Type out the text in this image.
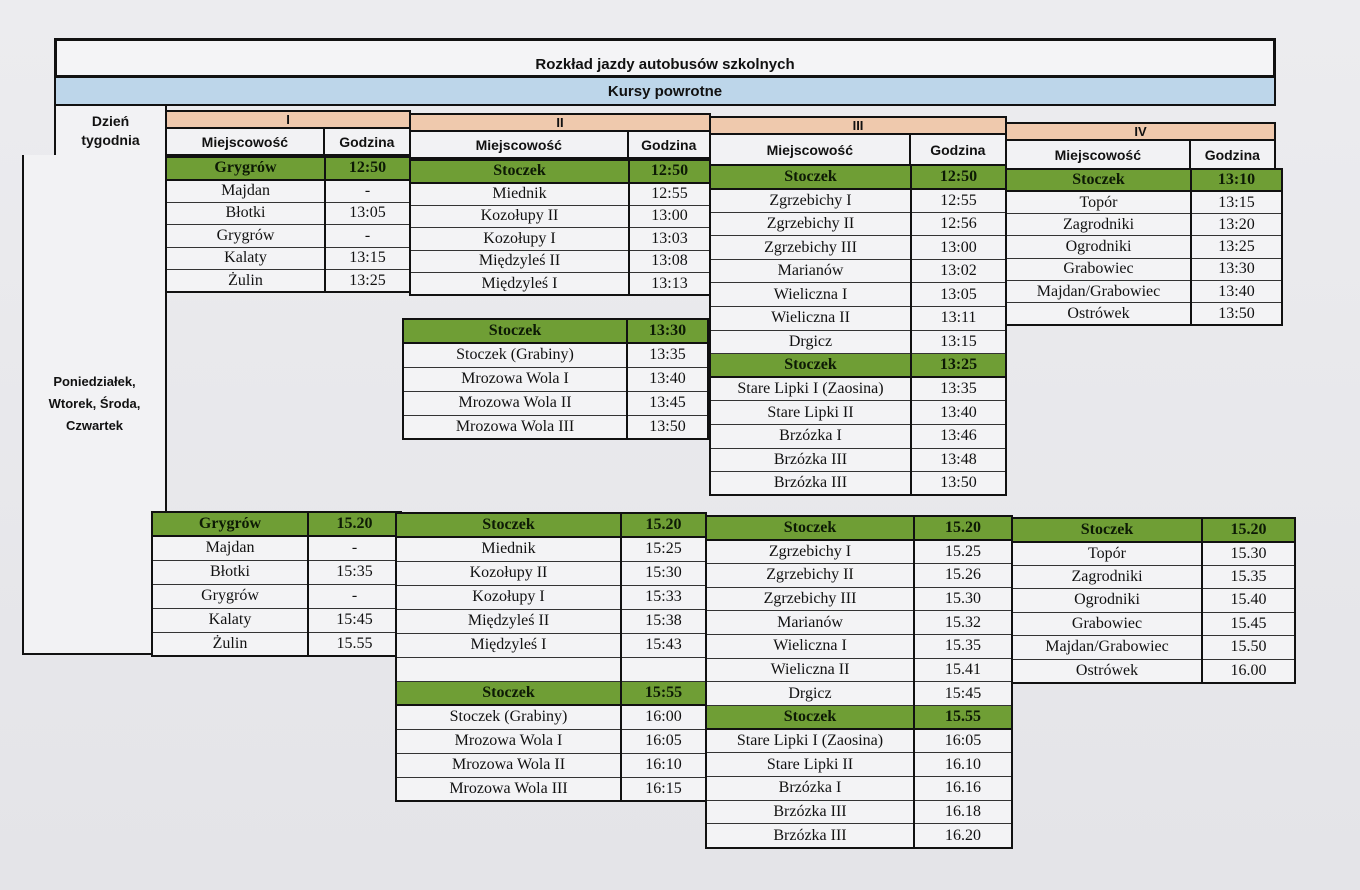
Rozkład jazdy autobusów szkolnych
Kursy powrotne
Dzień
tygodnia
Poniedziałek,
Wtorek, Środa,
Czwartek
I	II	III	IV
Miejscowość	Godzina	Miejscowość	Godzina	Miejscowość	Godzina	Miejscowość	Godzina
Grygrów	12:50
Majdan	-
Błotki	13:05
Grygrów	-
Kalaty	13:15
Żulin	13:25
Stoczek	12:50
Miednik	12:55
Kozołupy II	13:00
Kozołupy I	13:03
Międzyleś II	13:08
Międzyleś I	13:13
Stoczek	13:30
Stoczek (Grabiny)	13:35
Mrozowa Wola I	13:40
Mrozowa Wola II	13:45
Mrozowa Wola III	13:50
Stoczek	12:50
Zgrzebichy I	12:55
Zgrzebichy II	12:56
Zgrzebichy III	13:00
Marianów	13:02
Wieliczna I	13:05
Wieliczna II	13:11
Drgicz	13:15
Stoczek	13:25
Stare Lipki I (Zaosina)	13:35
Stare Lipki II	13:40
Brzózka I	13:46
Brzózka III	13:48
Brzózka III	13:50
Stoczek	13:10
Topór	13:15
Zagrodniki	13:20
Ogrodniki	13:25
Grabowiec	13:30
Majdan/Grabowiec	13:40
Ostrówek	13:50
Grygrów	15.20
Majdan	-
Błotki	15:35
Grygrów	-
Kalaty	15:45
Żulin	15.55
Stoczek	15.20
Miednik	15:25
Kozołupy II	15:30
Kozołupy I	15:33
Międzyleś II	15:38
Międzyleś I	15:43

Stoczek	15:55
Stoczek (Grabiny)	16:00
Mrozowa Wola I	16:05
Mrozowa Wola II	16:10
Mrozowa Wola III	16:15
Stoczek	15.20
Zgrzebichy I	15.25
Zgrzebichy II	15.26
Zgrzebichy III	15.30
Marianów	15.32
Wieliczna I	15.35
Wieliczna II	15.41
Drgicz	15:45
Stoczek	15.55
Stare Lipki I (Zaosina)	16:05
Stare Lipki II	16.10
Brzózka I	16.16
Brzózka III	16.18
Brzózka III	16.20
Stoczek	15.20
Topór	15.30
Zagrodniki	15.35
Ogrodniki	15.40
Grabowiec	15.45
Majdan/Grabowiec	15.50
Ostrówek	16.00
